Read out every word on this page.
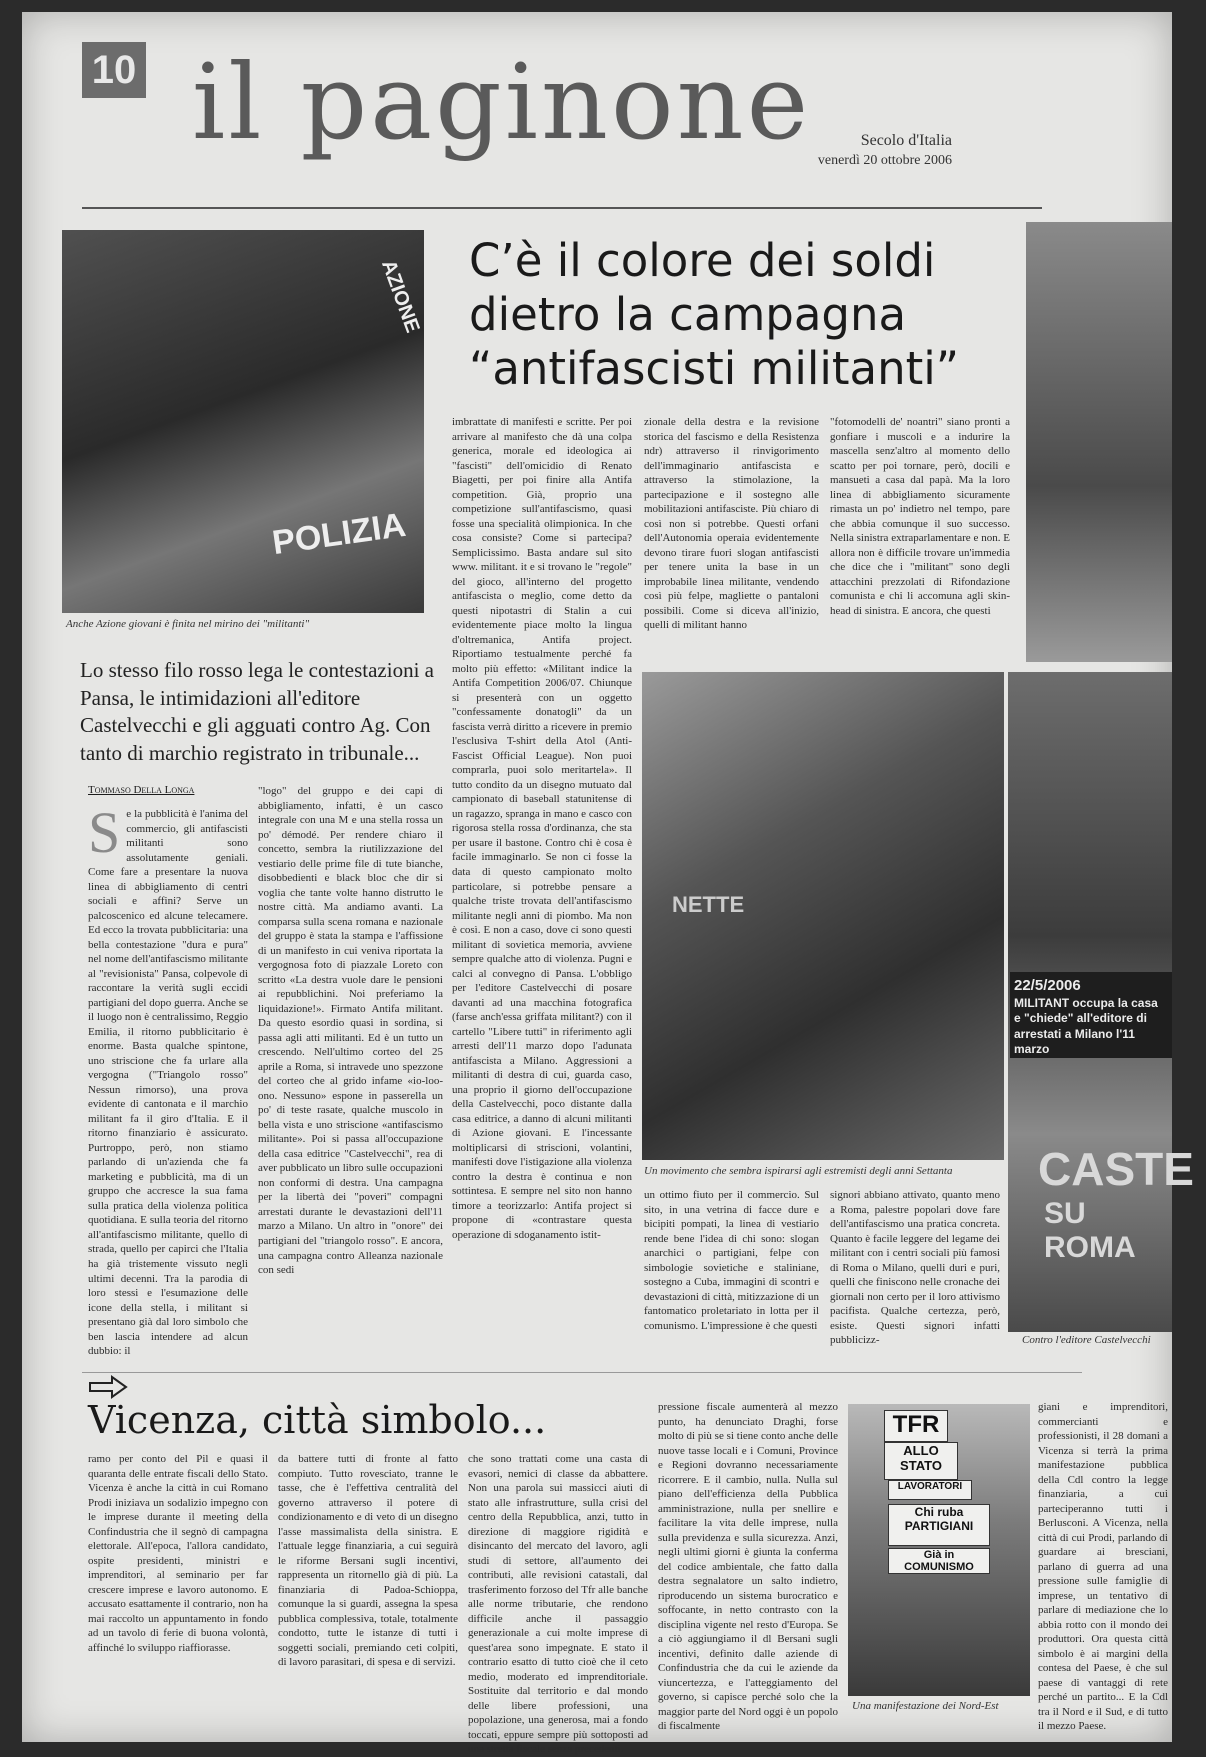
10 il paginone	Secolo d'Italia
venerdì 20 ottobre 2006
POLIZIA
AZIONE
Anche Azione giovani è finita nel mirino dei "militanti"
C’è il colore dei soldi dietro la campagna “antifascisti militanti”
Lo stesso filo rosso lega le contestazioni a Pansa, le intimidazioni all'editore Castelvecchi e gli agguati contro Ag. Con tanto di marchio registrato in tribunale...
Tommaso Della Longa
Se la pubblicità è l'anima del commercio, gli antifascisti militanti sono assolutamente geniali. Come fare a presentare la nuova linea di abbigliamento di centri sociali e affini? Serve un palcoscenico ed alcune telecamere. Ed ecco la trovata pubblicitaria: una bella contestazione "dura e pura" nel nome dell'antifascismo militante al "revisionista" Pansa, colpevole di raccontare la verità sugli eccidi partigiani del dopo guerra. Anche se il luogo non è centralissimo, Reggio Emilia, il ritorno pubblicitario è enorme. Basta qualche spintone, uno striscione che fa urlare alla vergogna ("Triangolo rosso" Nessun rimorso), una prova evidente di cantonata e il marchio militant fa il giro d'Italia. E il ritorno finanziario è assicurato. Purtroppo, però, non stiamo parlando di un'azienda che fa marketing e pubblicità, ma di un gruppo che accresce la sua fama sulla pratica della violenza politica quotidiana. E sulla teoria del ritorno all'antifascismo militante, quello di strada, quello per capirci che l'Italia ha già tristemente vissuto negli ultimi decenni. Tra la parodia di loro stessi e l'esumazione delle icone della stella, i militant si presentano già dal loro simbolo che ben lascia intendere ad alcun dubbio: il
"logo" del gruppo e dei capi di abbigliamento, infatti, è un casco integrale con una M e una stella rossa un po' démodé. Per rendere chiaro il concetto, sembra la riutilizzazione del vestiario delle prime file di tute bianche, disobbedienti e black bloc che dir si voglia che tante volte hanno distrutto le nostre città. Ma andiamo avanti. La comparsa sulla scena romana e nazionale del gruppo è stata la stampa e l'affissione di un manifesto in cui veniva riportata la vergognosa foto di piazzale Loreto con scritto «La destra vuole dare le pensioni ai repubblichini. Noi preferiamo la liquidazione!». Firmato Antifa militant. Da questo esordio quasi in sordina, si passa agli atti militanti. Ed è un tutto un crescendo. Nell'ultimo corteo del 25 aprile a Roma, si intravede uno spezzone del corteo che al grido infame «io-loo-ono. Nessuno» espone in passerella un po' di teste rasate, qualche muscolo in bella vista e uno striscione «antifascismo militante». Poi si passa all'occupazione della casa editrice "Castelvecchi", rea di aver pubblicato un libro sulle occupazioni non conformi di destra. Una campagna per la libertà dei "poveri" compagni arrestati durante le devastazioni dell'11 marzo a Milano. Un altro in "onore" dei partigiani del "triangolo rosso". E ancora, una campagna contro Alleanza nazionale con sedi
imbrattate di manifesti e scritte. Per poi arrivare al manifesto che dà una colpa generica, morale ed ideologica ai "fascisti" dell'omicidio di Renato Biagetti, per poi finire alla Antifa competition. Già, proprio una competizione sull'antifascismo, quasi fosse una specialità olimpionica. In che cosa consiste? Come si partecipa? Semplicissimo. Basta andare sul sito www. militant. it e si trovano le "regole" del gioco, all'interno del progetto antifascista o meglio, come detto da questi nipotastri di Stalin a cui evidentemente piace molto la lingua d'oltremanica, Antifa project. Riportiamo testualmente perché fa molto più effetto: «Militant indice la Antifa Competition 2006/07. Chiunque si presenterà con un oggetto "confessamente donatogli" da un fascista verrà diritto a ricevere in premio l'esclusiva T-shirt della Atol (Anti-Fascist Official League). Non puoi comprarla, puoi solo meritartela». Il tutto condito da un disegno mutuato dal campionato di baseball statunitense di un ragazzo, spranga in mano e casco con rigorosa stella rossa d'ordinanza, che sta per usare il bastone. Contro chi è cosa è facile immaginarlo. Se non ci fosse la data di questo campionato molto particolare, si potrebbe pensare a qualche triste trovata dell'antifascismo militante negli anni di piombo. Ma non è così. E non a caso, dove ci sono questi militant di sovietica memoria, avviene sempre qualche atto di violenza. Pugni e calci al convegno di Pansa. L'obbligo per l'editore Castelvecchi di posare davanti ad una macchina fotografica (farse anch'essa griffata militant?) con il cartello "Libere tutti" in riferimento agli arresti dell'11 marzo dopo l'adunata antifascista a Milano. Aggressioni a militanti di destra di cui, guarda caso, una proprio il giorno dell'occupazione della Castelvecchi, poco distante dalla casa editrice, a danno di alcuni militanti di Azione giovani. E l'incessante moltiplicarsi di striscioni, volantini, manifesti dove l'istigazione alla violenza contro la destra è continua e non sottintesa. E sempre nel sito non hanno timore a teorizzarlo: Antifa project si propone di «contrastare questa operazione di sdoganamento istit-
zionale della destra e la revisione storica del fascismo e della Resistenza ndr) attraverso il rinvigorimento dell'immaginario antifascista e attraverso la stimolazione, la partecipazione e il sostegno alle mobilitazioni antifasciste. Più chiaro di così non si potrebbe. Questi orfani dell'Autonomia operaia evidentemente devono tirare fuori slogan antifascisti per tenere unita la base in un improbabile linea militante, vendendo così più felpe, magliette o pantaloni possibili. Come si diceva all'inizio, quelli di militant hanno
"fotomodelli de' noantri" siano pronti a gonfiare i muscoli e a indurire la mascella senz'altro al momento dello scatto per poi tornare, però, docili e mansueti a casa dal papà. Ma la loro linea di abbigliamento sicuramente rimasta un po' indietro nel tempo, pare che abbia comunque il suo successo. Nella sinistra extraparlamentare e non. E allora non è difficile trovare un'immedia che dice che i "militant" sono degli attacchini prezzolati di Rifondazione comunista e chi li accomuna agli skin-head di sinistra. E ancora, che questi
NETTE
Un movimento che sembra ispirarsi agli estremisti degli anni Settanta
22/5/2006
MILITANT occupa la casa
e "chiede" all'editore di
arrestati a Milano l'11 marzo
CASTE
SU ROMA
Contro l'editore Castelvecchi
un ottimo fiuto per il commercio. Sul sito, in una vetrina di facce dure e bicipiti pompati, la linea di vestiario rende bene l'idea di chi sono: slogan anarchici o partigiani, felpe con simbologie sovietiche e staliniane, sostegno a Cuba, immagini di scontri e devastazioni di città, mitizzazione di un fantomatico proletariato in lotta per il comunismo. L'impressione è che questi
signori abbiano attivato, quanto meno a Roma, palestre popolari dove fare dell'antifascismo una pratica concreta. Quanto è facile leggere del legame dei militant con i centri sociali più famosi di Roma o Milano, quelli duri e puri, quelli che finiscono nelle cronache dei giornali non certo per il loro attivismo pacifista. Qualche certezza, però, esiste. Questi signori infatti pubblicizz-
Vicenza, città simbolo...
ramo per conto del Pil e quasi il quaranta delle entrate fiscali dello Stato. Vicenza è anche la città in cui Romano Prodi iniziava un sodalizio impegno con le imprese durante il meeting della Confindustria che il segnò di campagna elettorale. All'epoca, l'allora candidato, ospite presidenti, ministri e imprenditori, al seminario per far crescere imprese e lavoro autonomo. E accusato esattamente il contrario, non ha mai raccolto un appuntamento in fondo ad un tavolo di ferie di buona volontà, affinché lo sviluppo riaffiorasse.
da battere tutti di fronte al fatto compiuto. Tutto rovesciato, tranne le tasse, che è l'effettiva centralità del governo attraverso il potere di condizionamento e di veto di un disegno l'asse massimalista della sinistra. E l'attuale legge finanziaria, a cui seguirà le riforme Bersani sugli incentivi, rappresenta un ritornello già di più. La finanziaria di Padoa-Schioppa, comunque la si guardi, assegna la spesa pubblica complessiva, totale, totalmente condotto, tutte le istanze di tutti i soggetti sociali, premiando ceti colpiti, di lavoro parasitari, di spesa e di servizi.
che sono trattati come una casta di evasori, nemici di classe da abbattere. Non una parola sui massicci aiuti di stato alle infrastrutture, sulla crisi del centro della Repubblica, anzi, tutto in direzione di maggiore rigidità e disincanto del mercato del lavoro, agli studi di settore, all'aumento dei contributi, alle revisioni catastali, dal trasferimento forzoso del Tfr alle banche alle norme tributarie, che rendono difficile anche il passaggio generazionale a cui molte imprese di quest'area sono impegnate. E stato il contrario esatto di tutto cioè che il ceto medio, moderato ed imprenditoriale. Sostituite dal territorio e dal mondo delle libere professioni, una popolazione, una generosa, mai a fondo toccati, eppure sempre più sottoposti ad una stretta fiscale senza precedenti.
pressione fiscale aumenterà al mezzo punto, ha denunciato Draghi, forse molto di più se si tiene conto anche delle nuove tasse locali e i Comuni, Province e Regioni dovranno necessariamente ricorrere. E il cambio, nulla. Nulla sul piano dell'efficienza della Pubblica amministrazione, nulla per snellire e facilitare la vita delle imprese, nulla sulla previdenza e sulla sicurezza. Anzi, negli ultimi giorni è giunta la conferma del codice ambientale, che fatto dalla destra segnalatore un salto indietro, riproducendo un sistema burocratico e soffocante, in netto contrasto con la disciplina vigente nel resto d'Europa. Se a ciò aggiungiamo il dl Bersani sugli incentivi, definito dalle aziende di Confindustria che da cui le aziende da viuncertezza, e l'atteggiamento del governo, si capisce perché solo che la maggior parte del Nord oggi è un popolo di fiscalmente
TFR
ALLO STATO
LAVORATORI
Chi ruba PARTIGIANI
Già in COMUNISMO
Una manifestazione dei Nord-Est
giani e imprenditori, commercianti e professionisti, il 28 domani a Vicenza si terrà la prima manifestazione pubblica della Cdl contro la legge finanziaria, a cui parteciperanno tutti i Berlusconi. A Vicenza, nella città di cui Prodi, parlando di guardare ai bresciani, parlano di guerra ad una pressione sulle famiglie di imprese, un tentativo di parlare di mediazione che lo abbia rotto con il mondo dei produttori. Ora questa città simbolo è ai margini della contesa del Paese, è che sul paese di vantaggi di rete perché un partito... E la Cdl tra il Nord e il Sud, e di tutto il mezzo Paese.
